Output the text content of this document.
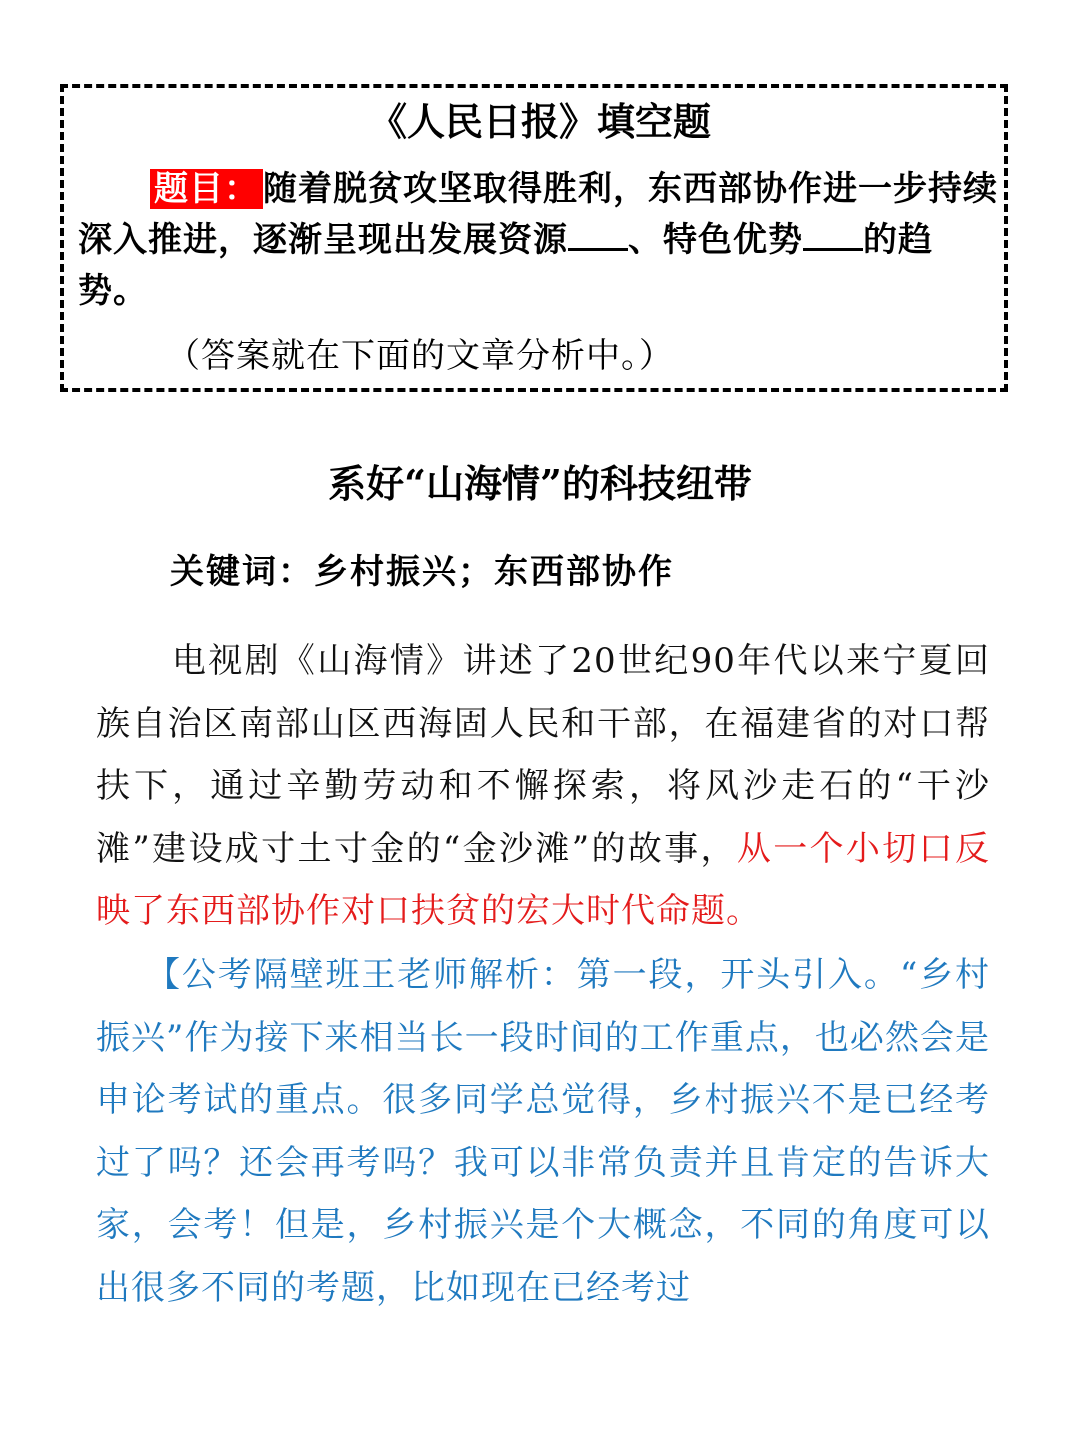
《人民日报》填空题
题目： 随着脱贫攻坚取得胜利，东西部协作进一步持续深入推进，逐渐呈现出发展资源 、特色优势 的趋势。
（答案就在下面的文章分析中。）
系好“山海情”的科技纽带
关键词：乡村振兴；东西部协作
电视剧《山海情》讲述了20世纪90年代以来宁夏回族自治区南部山区西海固人民和干部，在福建省的对口帮扶下，通过辛勤劳动和不懈探索，将风沙走石的“干沙滩”建设成寸土寸金的“金沙滩”的故事，从一个小切口反映了东西部协作对口扶贫的宏大时代命题。
【公考隔壁班王老师解析：第一段，开头引入。“乡村振兴”作为接下来相当长一段时间的工作重点，也必然会是申论考试的重点。很多同学总觉得，乡村振兴不是已经考过了吗？还会再考吗？我可以非常负责并且肯定的告诉大家，会考！但是，乡村振兴是个大概念，不同的角度可以出很多不同的考题，比如现在已经考过
